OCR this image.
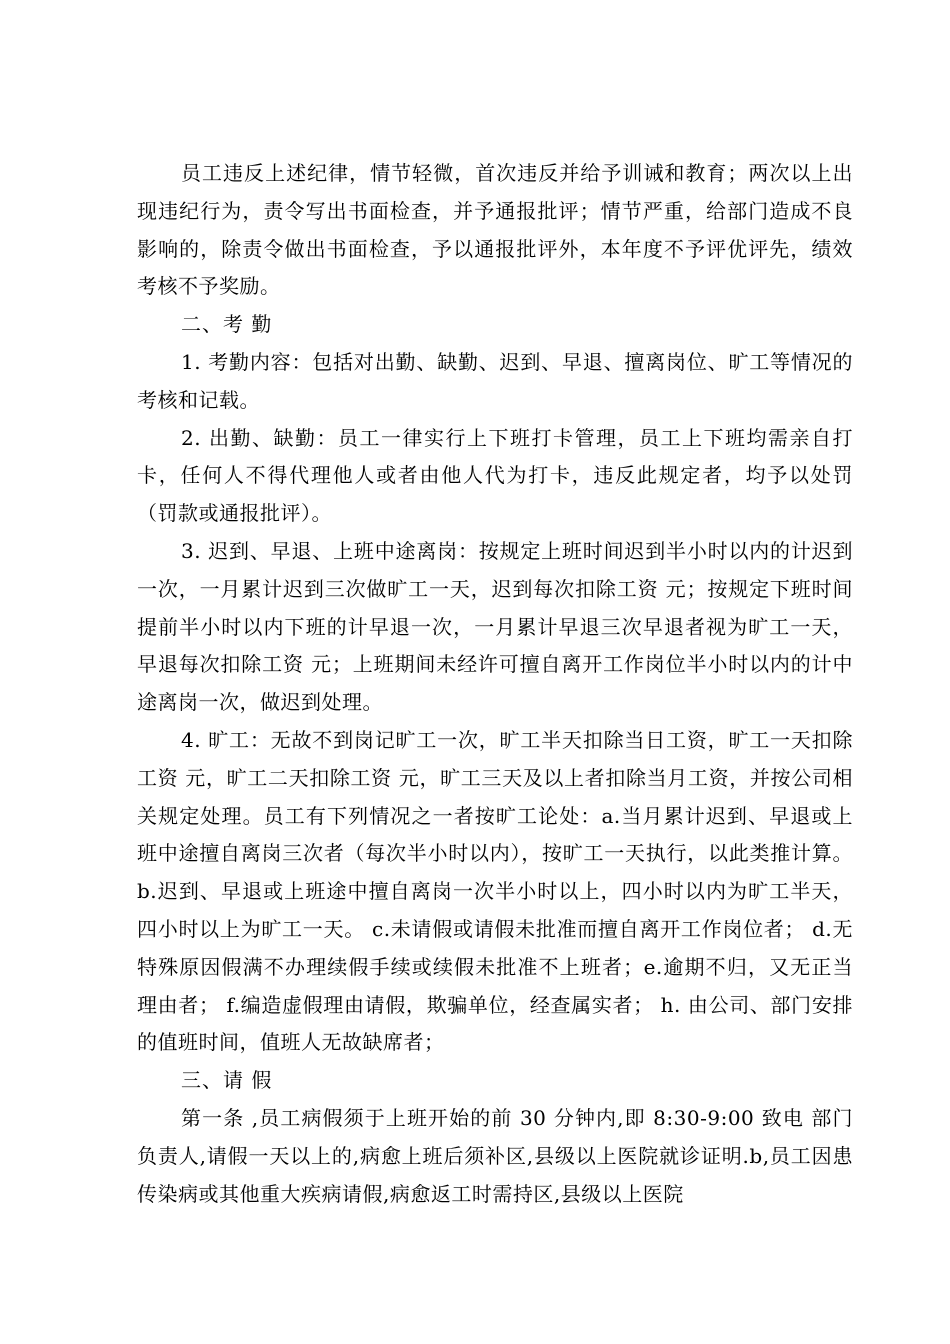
员工违反上述纪律，情节轻微，首次违反并给予训诫和教育；两次以上出现违纪行为，责令写出书面检查，并予通报批评；情节严重，给部门造成不良影响的，除责令做出书面检查，予以通报批评外，本年度不予评优评先，绩效考核不予奖励。

二、考 勤

1. 考勤内容：包括对出勤、缺勤、迟到、早退、擅离岗位、旷工等情况的考核和记载。

2. 出勤、缺勤：员工一律实行上下班打卡管理，员工上下班均需亲自打卡，任何人不得代理他人或者由他人代为打卡，违反此规定者，均予以处罚（罚款或通报批评）。

3. 迟到、早退、上班中途离岗：按规定上班时间迟到半小时以内的计迟到一次，一月累计迟到三次做旷工一天，迟到每次扣除工资 元；按规定下班时间提前半小时以内下班的计早退一次，一月累计早退三次早退者视为旷工一天，早退每次扣除工资 元；上班期间未经许可擅自离开工作岗位半小时以内的计中途离岗一次，做迟到处理。

4. 旷工：无故不到岗记旷工一次，旷工半天扣除当日工资，旷工一天扣除工资 元，旷工二天扣除工资 元，旷工三天及以上者扣除当月工资，并按公司相关规定处理。员工有下列情况之一者按旷工论处：a.当月累计迟到、早退或上班中途擅自离岗三次者（每次半小时以内），按旷工一天执行，以此类推计算。 b.迟到、早退或上班途中擅自离岗一次半小时以上，四小时以内为旷工半天，四小时以上为旷工一天。 c.未请假或请假未批准而擅自离开工作岗位者； d.无特殊原因假满不办理续假手续或续假未批准不上班者；e.逾期不归，又无正当理由者； f.编造虚假理由请假，欺骗单位，经查属实者； h. 由公司、部门安排的值班时间，值班人无故缺席者；

三、请 假

第一条 ,员工病假须于上班开始的前 30 分钟内,即 8:30-9:00 致电 部门负责人,请假一天以上的,病愈上班后须补区,县级以上医院就诊证明.b,员工因患传染病或其他重大疾病请假,病愈返工时需持区,县级以上医院
